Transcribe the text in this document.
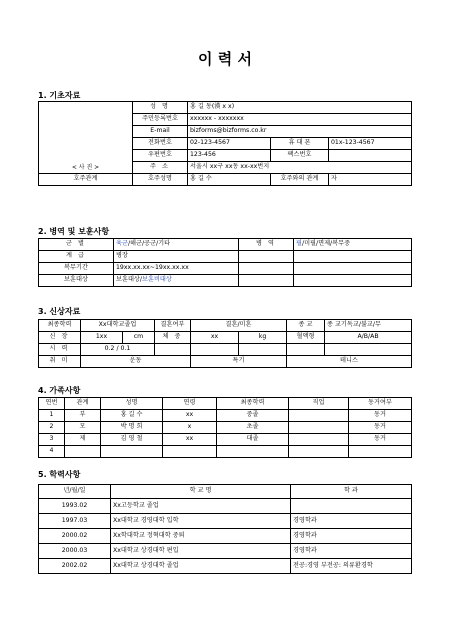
이 력 서
1. 기초자료
< 사 진 >	성 명	홍 길 동(漢 x x)		
	주민등록번호	xxxxxx - xxxxxxx		
	E-mail	bizforms@bizforms.co.kr		
	전화번호	02-123-4567	휴 대 폰	01x-123-4567
	우편번호	123-456	팩스번호	
	주 소	서울시 xx구 xx동 xx-xx번지		
호주관계	호주성명	홍 길 수	호주와의 관계	자
2. 병역 및 보훈사항
군 별	육군/해군/공군/기타	병 역	필/미필/면제/복무중
계 급	병장		
복무기간	19xx.xx.xx~19xx.xx.xx		
보훈대상	보훈대상/보훈비대상		
3. 신상자료
최종학력	Xx대학교졸업		결혼여부	결혼/미혼		종 교	종 교기독교/불교/무
신 장	1xx	cm	체 중	xx	kg	혈액형	A/B/AB
시 력	0.2 / 0.1						
취 미	운동			특기		테니스	
4. 가족사항
연번	관계	성명	연령	최종학력	직업	동거여부
1	부	홍 길 수	xx	중졸		동거
2	모	박 명 희	x	초졸		동거
3	제	김 영 철	xx	대졸		동거
4						
5. 학력사항
년/월/일	학 교 명	학 과
1993.02	Xx고등학교 졸업	
1997.03	Xx대학교 경영대학 입학	경영학과
2000.02	Xx학대학교 정혁대학 중퇴	경영학과
2000.03	Xx대학교 상경대학 편입	경영학과
2002.02	Xx대학교 상경대학 졸업	전공:경영 부전공: 의류환경학
